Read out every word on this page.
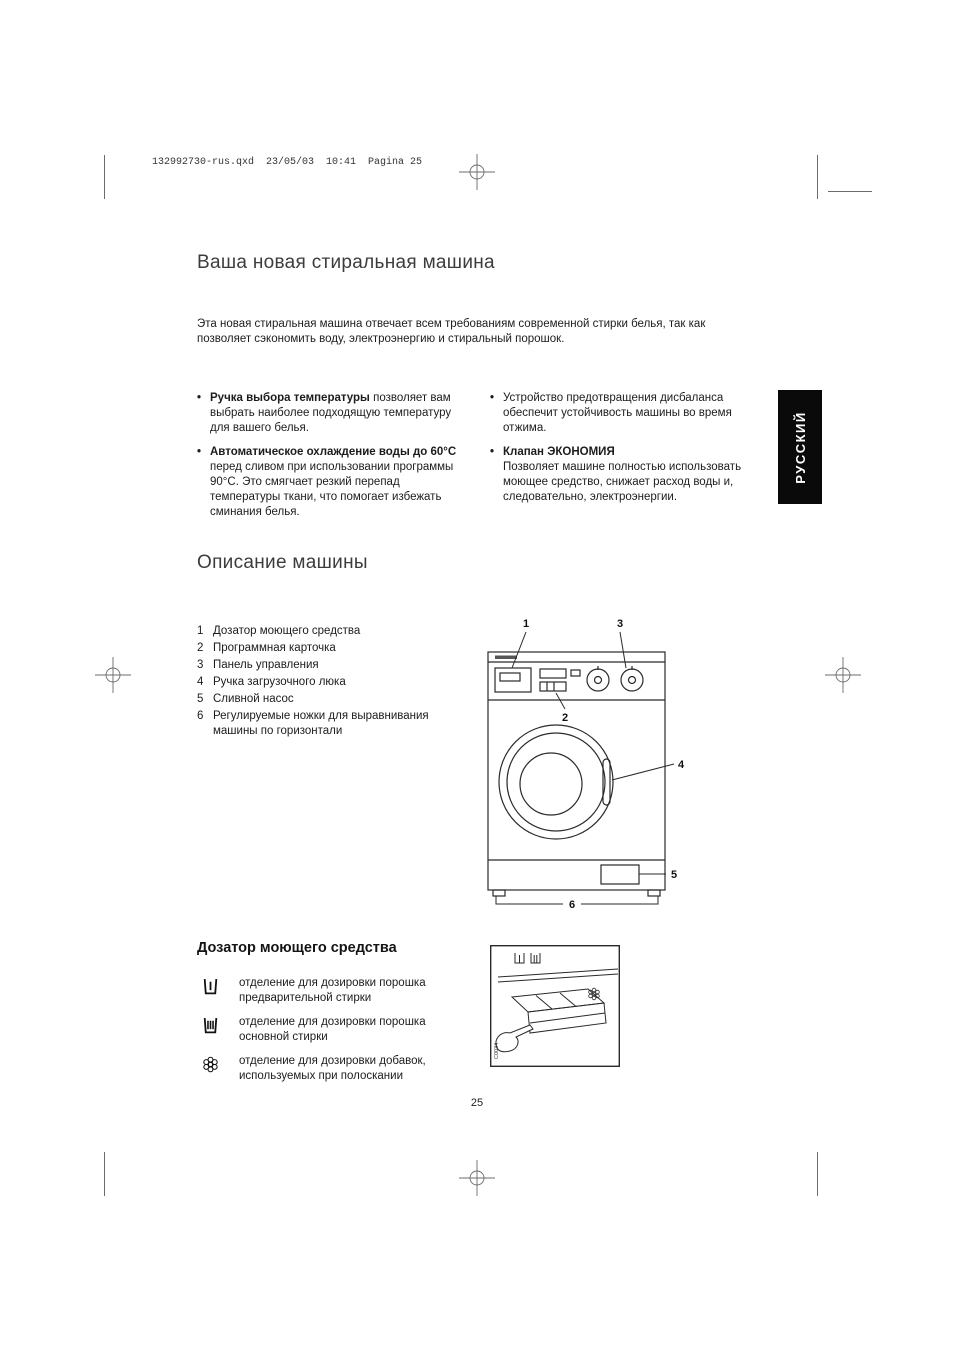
132992730-rus.qxd  23/05/03  10:41  Pagina 25
РУССКИЙ
Ваша новая стиральная машина

Эта новая стиральная машина отвечает всем требованиям современной стирки белья, так как позволяет сэкономить воду, электроэнергию и стиральный порошок.

• Ручка выбора температуры позволяет вам выбрать наиболее подходящую температуру для вашего белья.
• Автоматическое охлаждение воды до 60°C перед сливом при использовании программы 90°C. Это смягчает резкий перепад температуры ткани, что помогает избежать сминания белья.
• Устройство предотвращения дисбаланса обеспечит устойчивость машины во время отжима.
• Клапан ЭКОНОМИЯ
Позволяет машине полностью использовать моющее средство, снижает расход воды и, следовательно, электроэнергии.
Описание машины
1 Дозатор моющего средства
2 Программная карточка
3 Панель управления
4 Ручка загрузочного люка
5 Сливной насос
6 Регулируемые ножки для выравнивания машины по горизонтали
1	3
2
4
5
6
Дозатор моющего средства
отделение для дозировки порошка предварительной стирки
отделение для дозировки порошка основной стирки
отделение для дозировки добавок, используемых при полоскании
C0034
25
